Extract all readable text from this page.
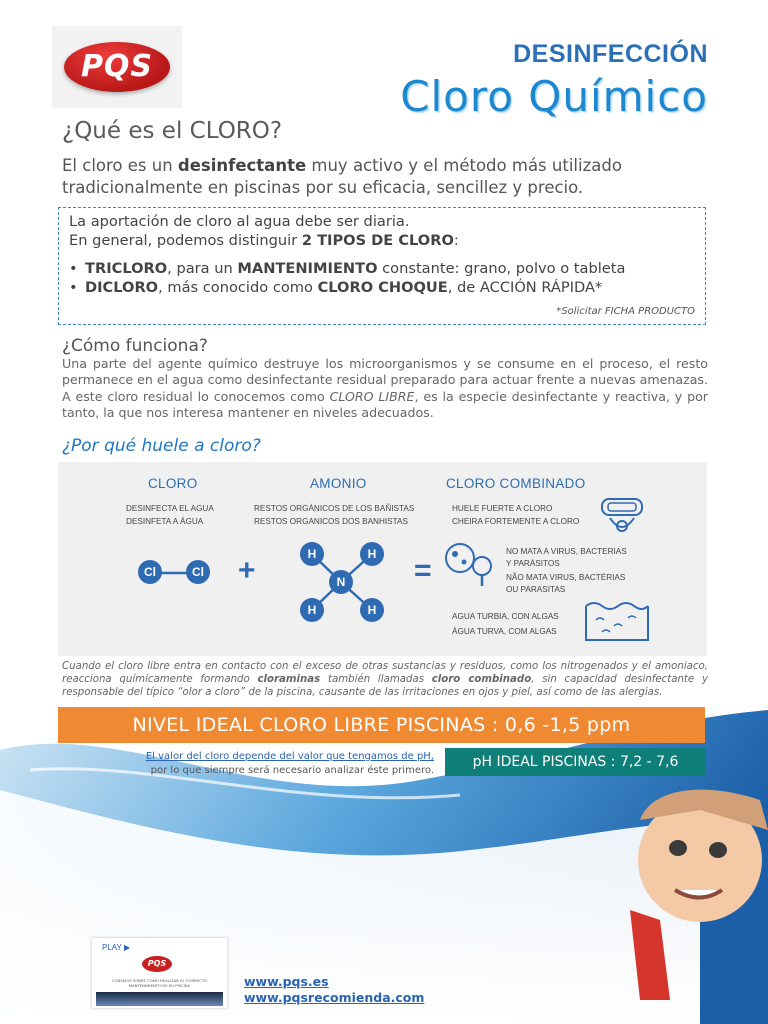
PQS	DESINFECCIÓN
Cloro Químico
¿Qué es el CLORO?
El cloro es un desinfectante muy activo y el método más utilizado tradicionalmente en piscinas por su eficacia, sencillez y precio.
La aportación de cloro al agua debe ser diaria.
En general, podemos distinguir 2 TIPOS DE CLORO:
• TRICLORO, para un MANTENIMIENTO constante: grano, polvo o tableta
• DICLORO, más conocido como CLORO CHOQUE, de ACCIÓN RÁPIDA*
*Solicitar FICHA PRODUCTO
¿Cómo funciona?
Una parte del agente químico destruye los microorganismos y se consume en el proceso, el resto permanece en el agua como desinfectante residual preparado para actuar frente a nuevas amenazas. A este cloro residual lo conocemos como CLORO LIBRE, es la especie desinfectante y reactiva, y por tanto, la que nos interesa mantener en niveles adecuados.
¿Por qué huele a cloro?
CLORO
DESINFECTA EL AGUA
DESINFETA A ÁGUA
Cl	Cl +
AMONIO
RESTOS ORGÁNICOS DE LOS BAÑISTAS
RESTOS ORGANICOS DOS BANHISTAS
H	H
N
H	H
=
CLORO COMBINADO
HUELE FUERTE A CLORO
CHEIRA FORTEMENTE A CLORO
NO MATA A VIRUS, BACTERIAS
Y PARÁSITOS
NÃO MATA VIRUS, BACTÉRIAS
OU PARASITAS
AGUA TURBIA, CON ALGAS
ÁGUA TURVA, COM ALGAS
Cuando el cloro libre entra en contacto con el exceso de otras sustancias y residuos, como los nitrogenados y el amoniaco, reacciona químicamente formando cloraminas también llamadas cloro combinado, sin capacidad desinfectante y responsable del típico “olor a cloro” de la piscina, causante de las irritaciones en ojos y piel, así como de las alergias.
NIVEL IDEAL CLORO LIBRE PISCINAS : 0,6 -1,5 ppm
El valor del cloro depende del valor que tengamos de pH,
por lo que siempre será necesario analizar éste primero.
pH IDEAL PISCINAS : 7,2 - 7,6
PLAY ▶
PQS
CONSEJOS SOBRE COMO REALIZAR EL CORRECTO MANTENIMIENTO DE SU PISCINA	www.pqs.es
www.pqsrecomienda.com
